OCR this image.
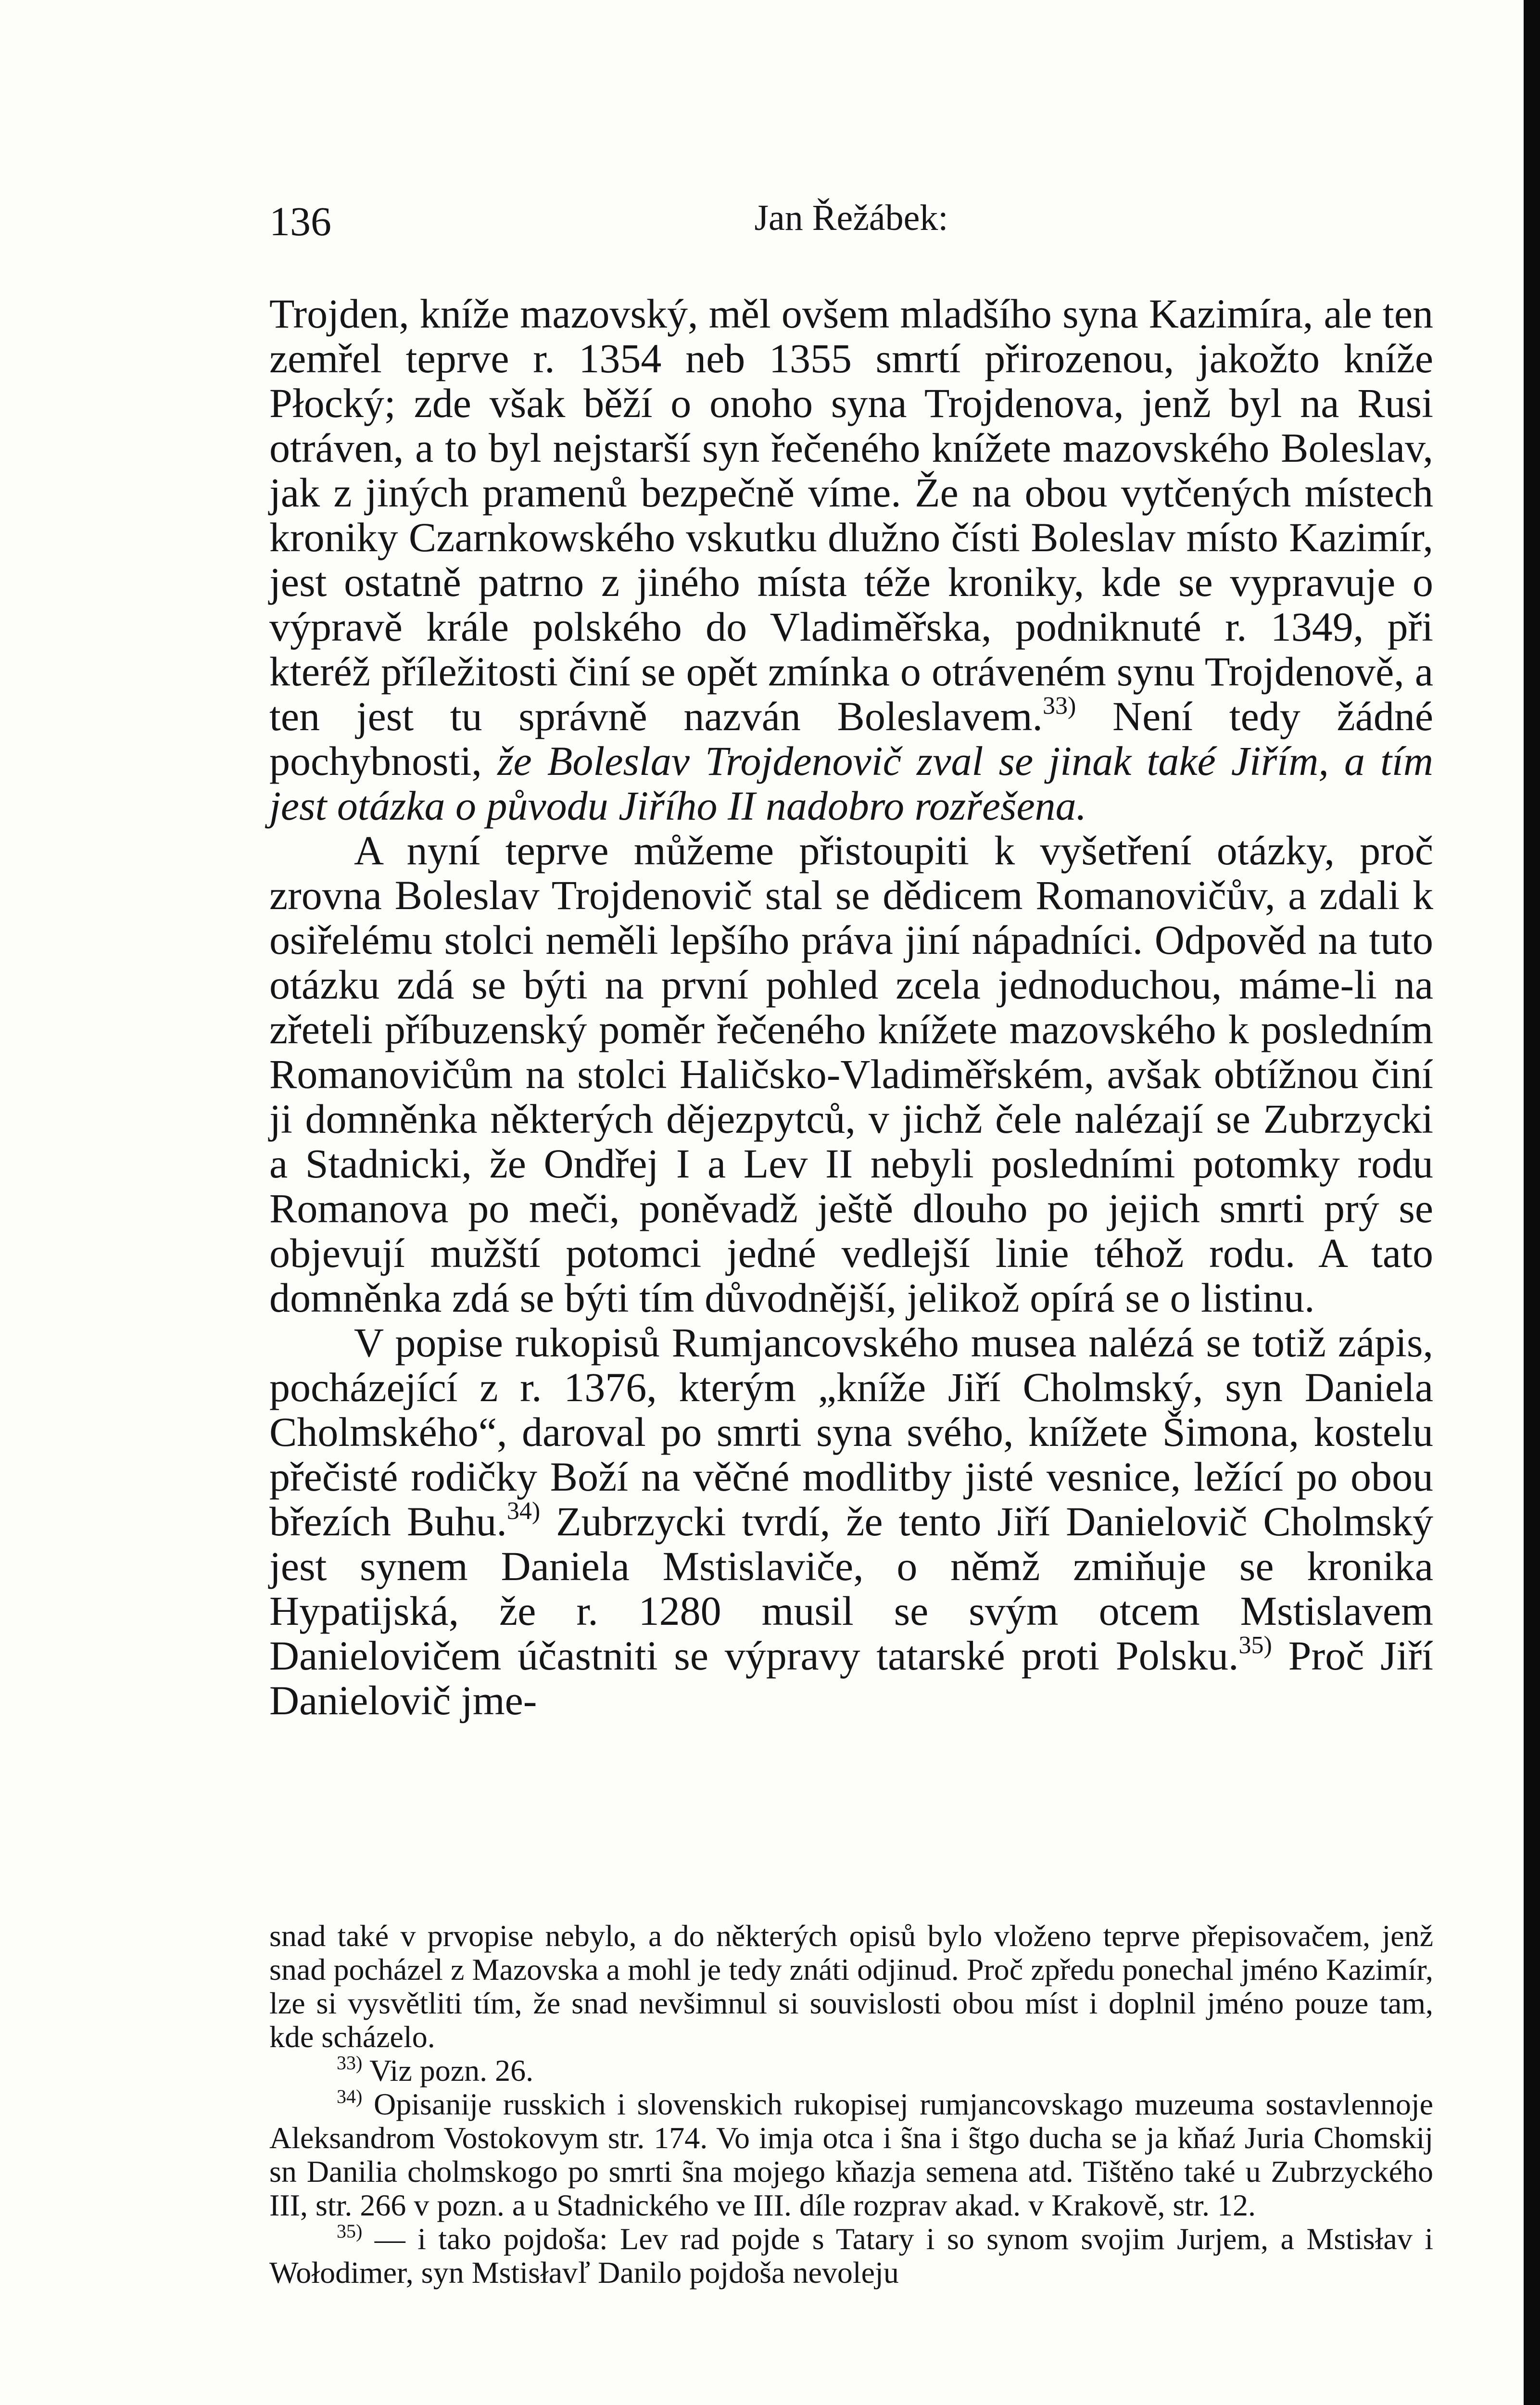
136	Jan Řežábek:

Trojden, kníže mazovský, měl ovšem mladšího syna Kazimíra, ale ten zemřel teprve r. 1354 neb 1355 smrtí přirozenou, jakožto kníže Płocký; zde však běží o onoho syna Trojdenova, jenž byl na Rusi otráven, a to byl nejstarší syn řečeného knížete mazovského Boleslav, jak z jiných pramenů bezpečně víme. Že na obou vytčených místech kroniky Czarnkowského vskutku dlužno čísti Boleslav místo Kazimír, jest ostatně patrno z jiného místa téže kroniky, kde se vypravuje o výpravě krále polského do Vladiměřska, podniknuté r. 1349, při kteréž příležitosti činí se opět zmínka o otráveném synu Trojdenově, a ten jest tu správně nazván Boleslavem.$^{33)}$ Není tedy žádné pochybnosti, že Boleslav Trojdenovič zval se jinak také Jiřím, a tím jest otázka o původu Jiřího II nadobro rozřešena.

A nyní teprve můžeme přistoupiti k vyšetření otázky, proč zrovna Boleslav Trojdenovič stal se dědicem Romanovičův, a zdali k osiřelému stolci neměli lepšího práva jiní nápadníci. Odpověd na tuto otázku zdá se býti na první pohled zcela jednoduchou, máme-li na zřeteli příbuzenský poměr řečeného knížete mazovského k posledním Romanovičům na stolci Haličsko-Vladiměřském, avšak obtížnou činí ji domněnka některých dějezpytců, v jichž čele nalézají se Zubrzycki a Stadnicki, že Ondřej I a Lev II nebyli posledními potomky rodu Romanova po meči, poněvadž ještě dlouho po jejich smrti prý se objevují mužští potomci jedné vedlejší linie téhož rodu. A tato domněnka zdá se býti tím důvodnější, jelikož opírá se o listinu.

V popise rukopisů Rumjancovského musea nalézá se totiž zápis, pocházející z r. 1376, kterým „kníže Jiří Cholmský, syn Daniela Cholmského“, daroval po smrti syna svého, knížete Šimona, kostelu přečisté rodičky Boží na věčné modlitby jisté vesnice, ležící po obou březích Buhu.$^{34)}$ Zubrzycki tvrdí, že tento Jiří Danielovič Cholmský jest synem Daniela Mstislaviče, o němž zmiňuje se kronika Hypatijská, že r. 1280 musil se svým otcem Mstislavem Danielovičem účastniti se výpravy tatarské proti Polsku.$^{35)}$ Proč Jiří Danielovič jme-

snad také v prvopise nebylo, a do některých opisů bylo vloženo teprve přepisovačem, jenž snad pocházel z Mazovska a mohl je tedy znáti odjinud. Proč zpředu ponechal jméno Kazimír, lze si vysvětliti tím, že snad nevšimnul si souvislosti obou míst i doplnil jméno pouze tam, kde scházelo.

$^{33)}$ Viz pozn. 26.

$^{34)}$ Opisanije russkich i slovenskich rukopisej rumjancovskago muzeuma sostavlennoje Aleksandrom Vostokovym str. 174. Vo imja otca i s̃na i s̃tgo ducha se ja kňaź Juria Chomskij sn Danilia cholmskogo po smrti s̃na mojego kňazja semena atd. Tištěno také u Zubrzyckého III, str. 266 v pozn. a u Stadnického ve III. díle rozprav akad. v Krakově, str. 12.

$^{35)}$ — i tako pojdoša: Lev rad pojde s Tatary i so synom svojim Jurjem, a Mstisłav i Wołodimer, syn Mstisłavľ Danilo pojdoša nevoleju
